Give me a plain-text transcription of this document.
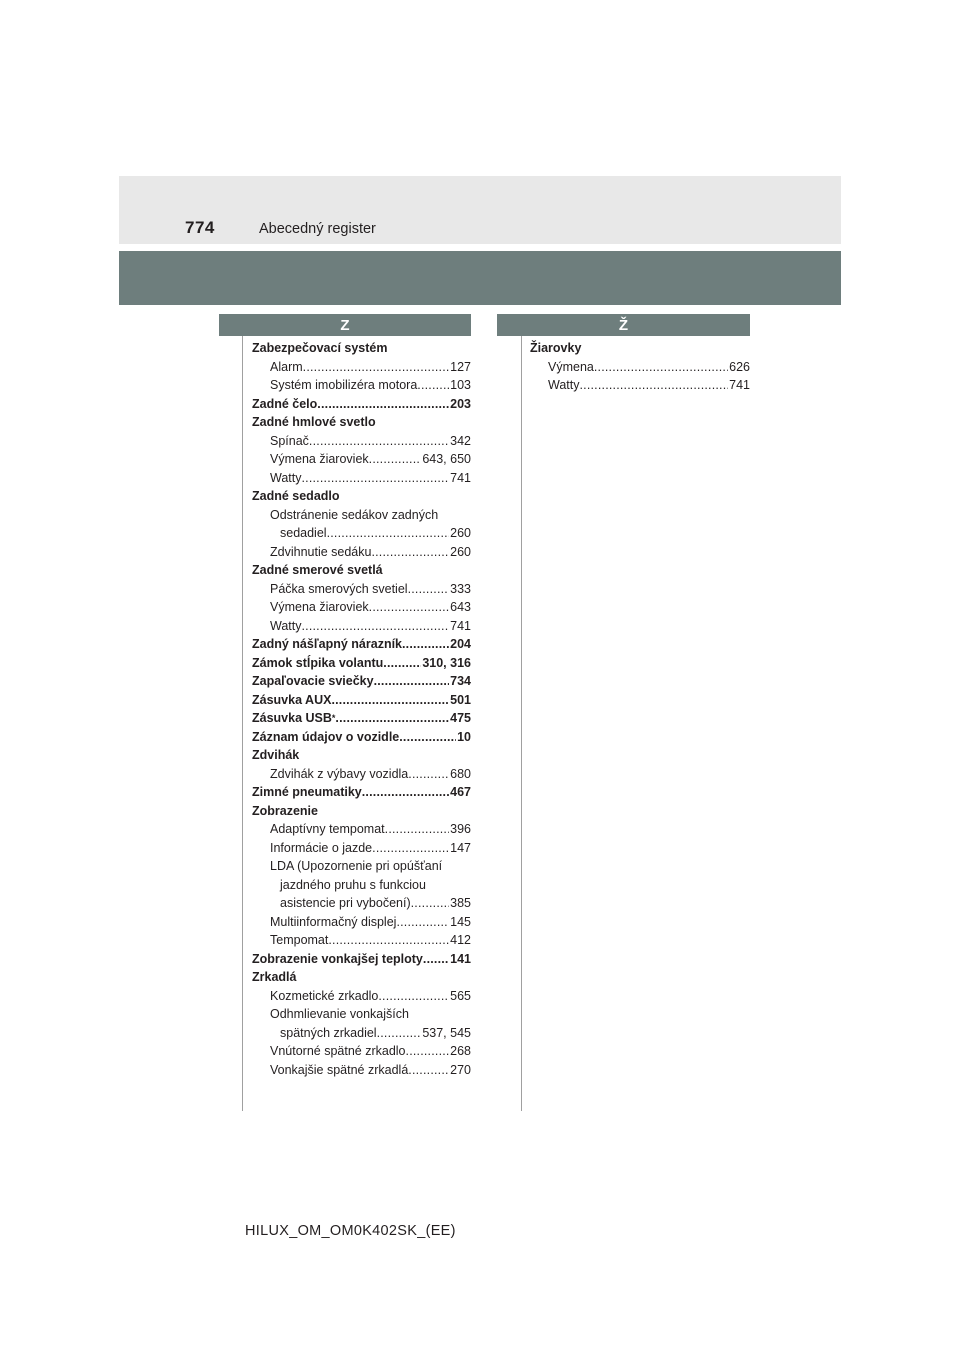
774	Abecedný register
Z	Ž
Zabezpečovací systém
Alarm .....	127
Systém imobilizéra motora .....	103
Zadné čelo .....	203
Zadné hmlové svetlo
Spínač .....	342
Výmena žiaroviek .....	643, 650
Watty .....	741
Zadné sedadlo
Odstránenie sedákov zadných
sedadiel .....	260
Zdvihnutie sedáku .....	260
Zadné smerové svetlá
Páčka smerových svetiel .....	333
Výmena žiaroviek .....	643
Watty .....	741
Zadný nášľapný nárazník .....	204
Zámok stĺpika volantu .....	310, 316
Zapaľovacie sviečky .....	734
Zásuvka AUX .....	501
Zásuvka USB* .....	475
Záznam údajov o vozidle .....	10
Zdvihák
Zdvihák z výbavy vozidla .....	680
Zimné pneumatiky .....	467
Zobrazenie
Adaptívny tempomat .....	396
Informácie o jazde .....	147
LDA (Upozornenie pri opúšťaní
jazdného pruhu s funkciou
asistencie pri vybočení) .....	385
Multiinformačný displej .....	145
Tempomat .....	412
Zobrazenie vonkajšej teploty ..... 141
Zrkadlá
Kozmetické zrkadlo .....	565
Odhmlievanie vonkajších
spätných zrkadiel .....	537, 545
Vnútorné spätné zrkadlo .....	268
Vonkajšie spätné zrkadlá .....	270
Žiarovky
Výmena .....	626
Watty .....	741
HILUX_OM_OM0K402SK_(EE)
